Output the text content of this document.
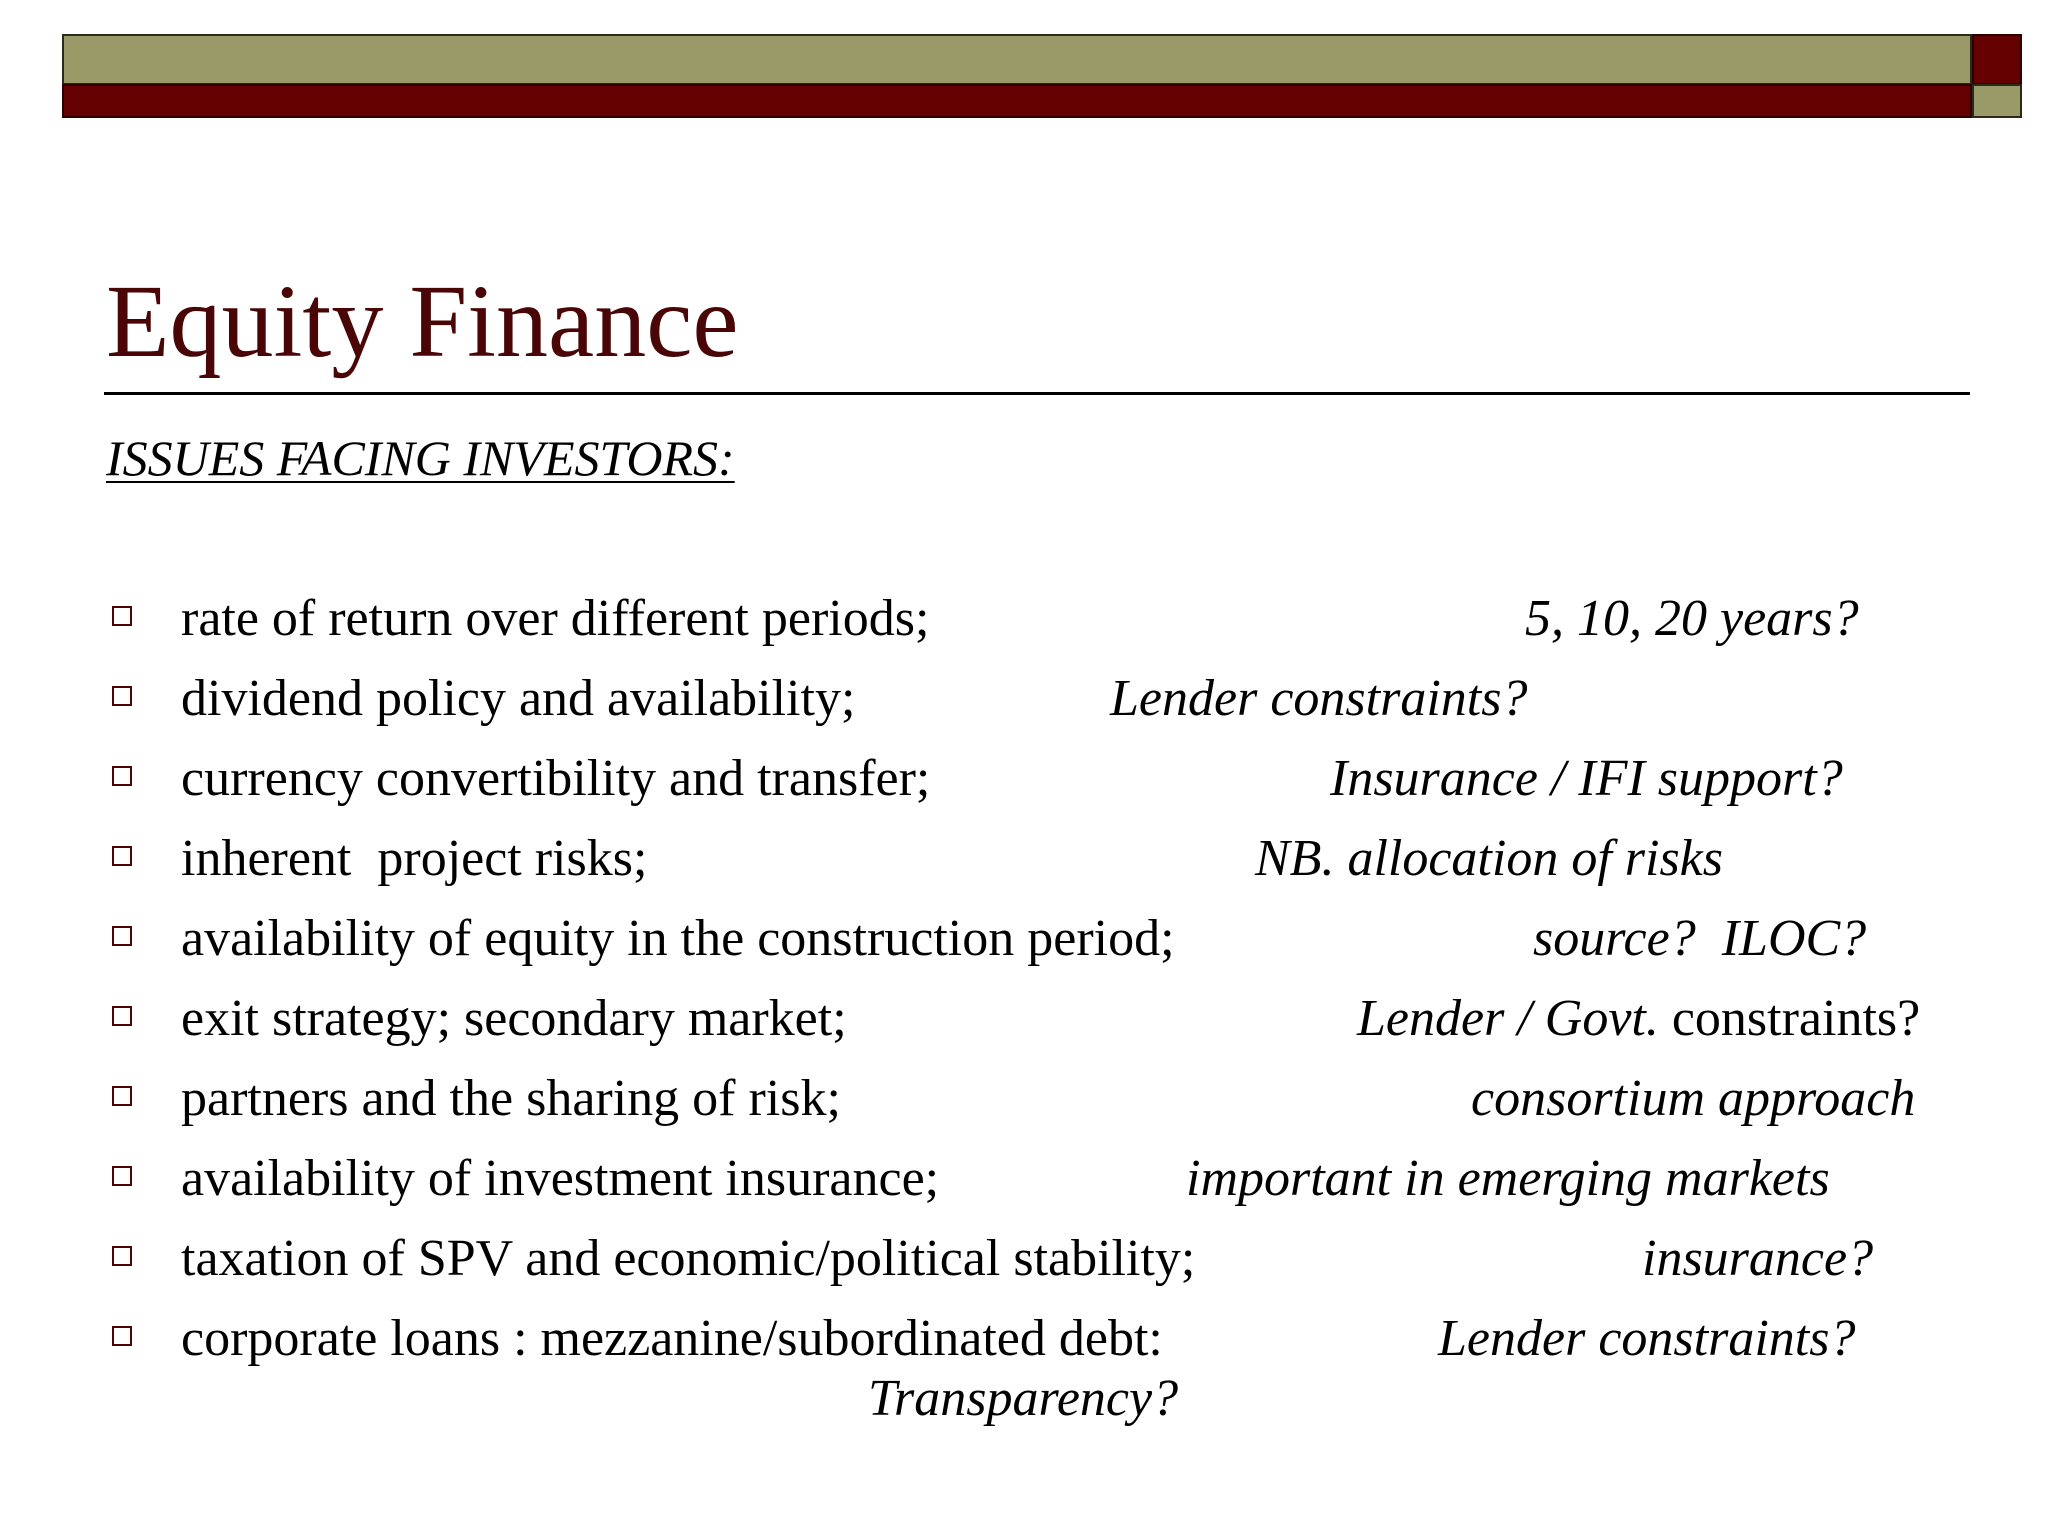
Equity Finance
ISSUES FACING INVESTORS:
rate of return over different periods;	5, 10, 20 years?
dividend policy and availability;	Lender constraints?
currency convertibility and transfer;	Insurance / IFI support?
inherent  project risks;	NB. allocation of risks
availability of equity in the construction period;	source?  ILOC?
exit strategy; secondary market;	Lender / Govt. constraints?
partners and the sharing of risk;	consortium approach
availability of investment insurance;	important in emerging markets
taxation of SPV and economic/political stability;	insurance?
corporate loans : mezzanine/subordinated debt:	Lender constraints?
Transparency?
